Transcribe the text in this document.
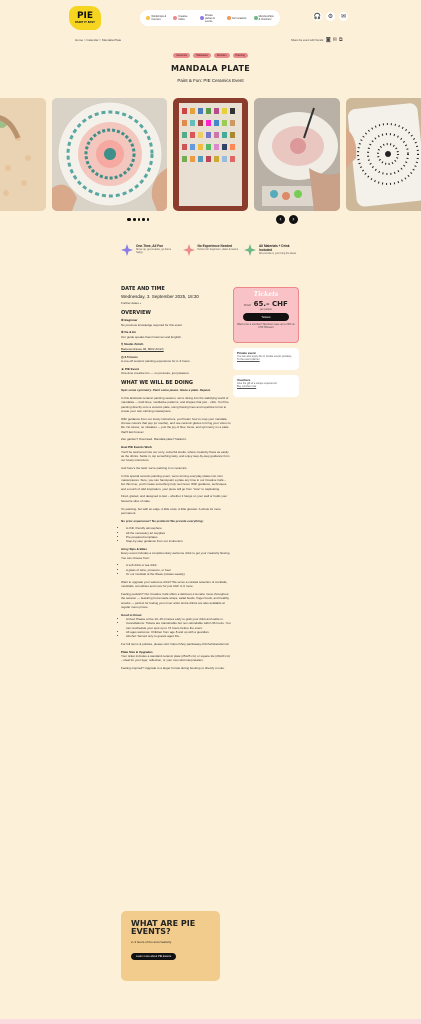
PIE
PAINT IT EASY
Workshops & Courses
Creative Cafés
Private parties & events
Our locations	Memberships & Vouchers	🎧 ⚙	✉
Home > Calendar > Mandala Plate	Share the event with friends: ◙ ✉ ⧉
Ceramics	Tableware	Wooden	Painting
MANDALA PLATE
Paint & Fun: PIE Ceramics Event
‹	›
One-Time, All Fun
Show up, get creative, go home happy.
No Experience Needed
Perfect for beginners, dates & teams.
All Materials + Drink Included
We provide it, you bring the ideas.
DATE AND TIME
Wednesday, 3. September 2025, 18:30
Further dates +
OVERVIEW
⚙ Beginner
No previous knowledge required for this event.
⚙ De & En
Our guide speaks fluent German and English.
⚲ Studio Zürich
Badenerstrasse 96, 8002 Zürich
◷ 2.5 hours
A one-off ceramic painting experience for 2–3 hours.
☻ PIE Event
One-time creative fun — no pressure, just pleasure.
WHAT WE WILL BE DOING
Spin some symmetry. Paint some peace. Glaze a plate. Repeat.
In this laid-back ceramic painting session, we're diving into the satisfying world of mandalas — bold lines, meditative patterns, and shapes that just... click. You'll be painting directly onto a ceramic plate, using flowing lines and repetitive forms to create your own calming masterpiece.
With guidance from our lovely instructors, you'll learn how to map your mandala, choose colours that pop (or soothe), and use ceramic glazes to bring your vision to life. No stress, no mistakes — just the joy of flow, focus, and symmetry on a plate that'll last forever.
Zen garden? Overrated. Mandala plate? Nailed it.
How PIE Events Work
You'll be welcomed into our cozy, colourful studio, where creativity flows as easily as the drinks. Settle in, sip something tasty, and enjoy step-by-step guidance from our lovely instructors.
And here's the twist: we're painting it on ceramics.
In this special ceramic painting event, we're turning everyday plates into mini masterpieces. Sure, you can hand-paint a plate any time in our Creative Café – but this time, you'll create something truly next level. With guidance, techniques, and a touch of wild inspiration, your piece will go from "cute" to captivating.
Fired, glazed, and designed to last – whether it hangs on your wall or holds your favourite slice of cake.
It's painting, but with an edge. A little code. A little glossier. A whole lot more permanent.
No prior experience? No problem! We provide everything:
• A chill, friendly atmosphere
• All the necessary art supplies
• Pre-prepared templates
• Step-by-step guidance from our instructors
Artsy Sips & Bites
Every event includes a complimentary welcome drink to get your creativity flowing. You can choose from:
• A soft drink or tea drink
• A glass of wine, prosecco, or beer
• Or our Cocktail of the Week (rotates weekly)
Want to upgrade your welcome drink? We serve a curated selection of cocktails, mocktails, smoothies and more for just CHF 3–6 more.
Feeling peckish? Our Creative Café offers a delicious a la carte menu throughout the session — featuring homemade wraps, salad bowls, finger foods, and healthy snacks — perfect for fueling your inner artist. Extra drinks are also available at regular menu prices.
Good to Know
• Arrival: Please arrive 10–15 minutes early to grab your drink and settle in.
• Cancellations: Tickets are transferable but non-refundable within 96 hours. You can reschedule your spot up to 72 hours before the event.
• All ages welcome: Children from age 8 and up with a guardian.
• Alcohol: Served only to guests aged 16+.
For full terms & policies, please visit: https://shop.paintiteasy.ch/info/tickets/terms/
Plate Size & Upgrades
Your ticket includes a standard ceramic plate (25x25 cm) or square tile (20x20 cm) – ideal for your tiger, reflection, or your own wild interpretation.
Feeling inspired? Upgrade to a larger format during booking or directly on-site.
Tickets
from 65.– CHF
per person
Tickets
Want to be a member? Members save up to 20% on CHF 65/event
Private event
You can also enjoy this in private events privately.
To the event planner
Vouchers
Give the gift of a unique experience!
Buy voucher now
WHAT ARE PIE EVENTS?
2–3 hours of fun and creativity
Learn more about PIE Events
